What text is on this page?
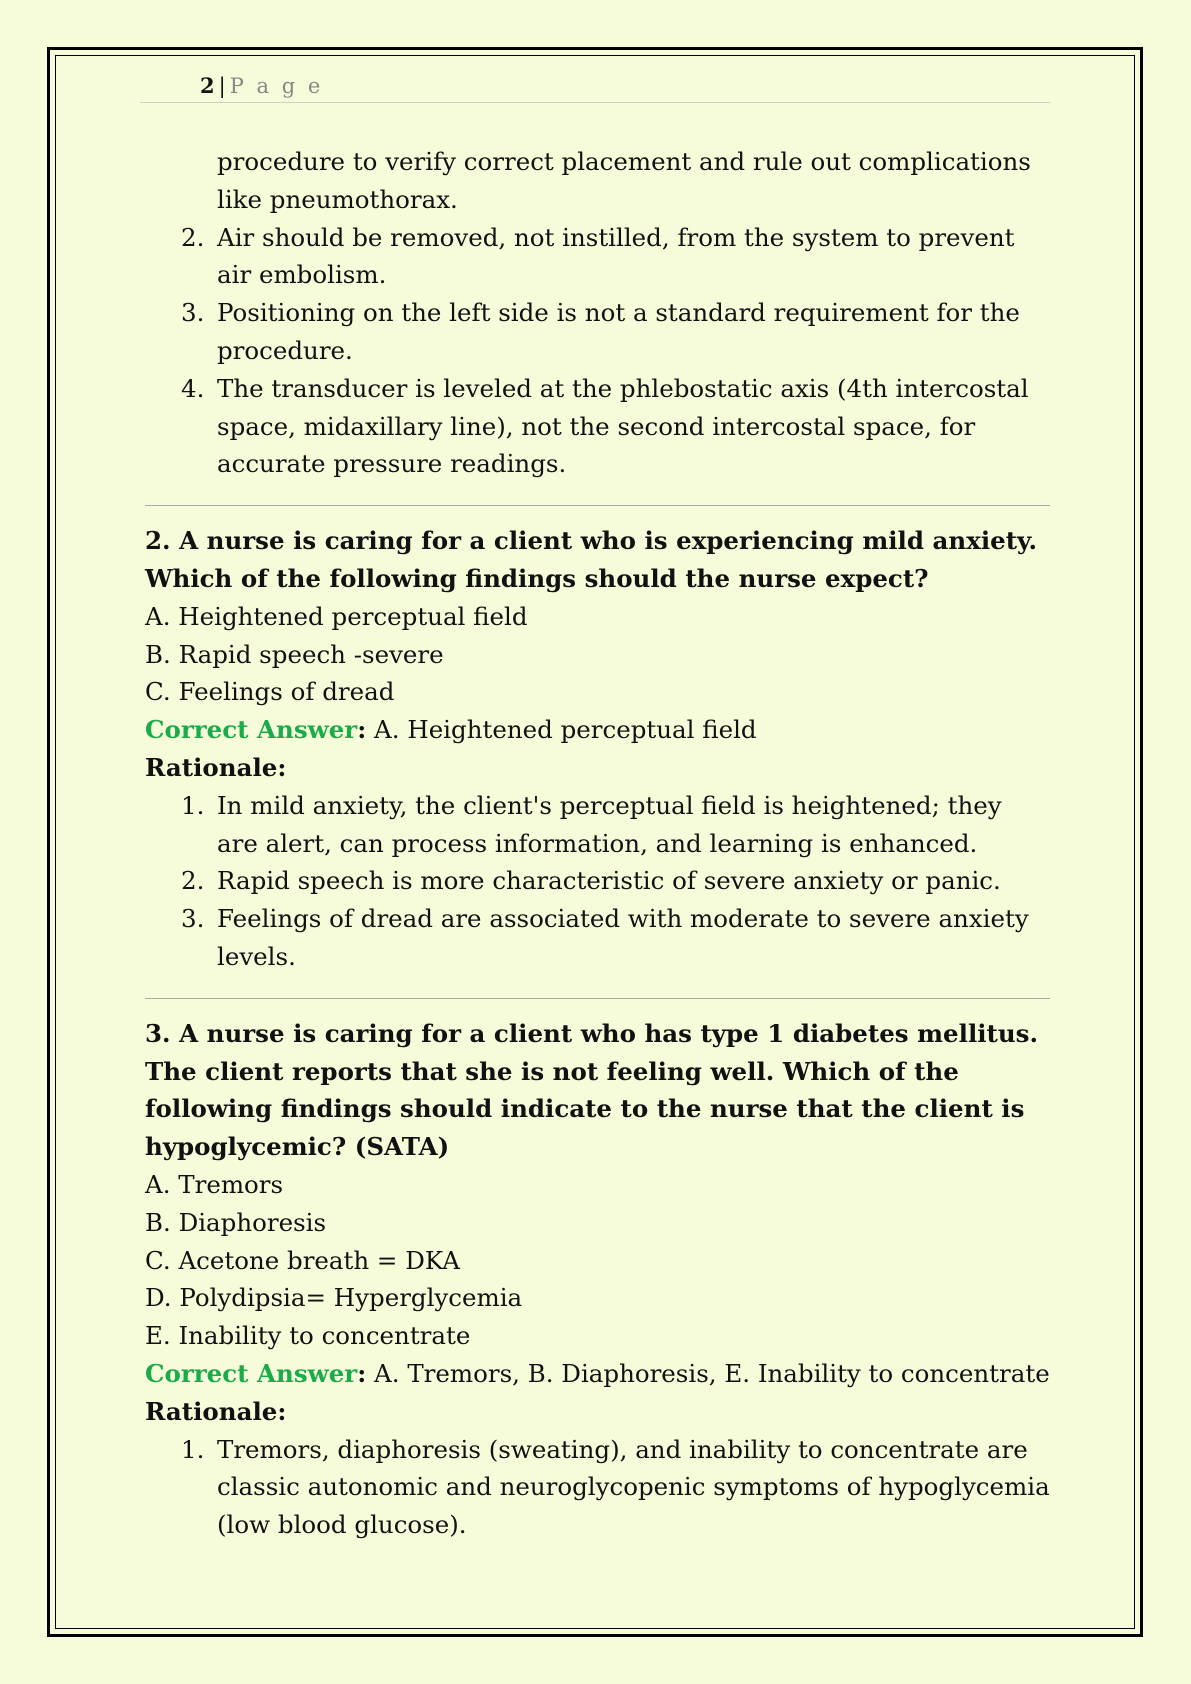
2 | P a g e
procedure to verify correct placement and rule out complications like pneumothorax.
2. Air should be removed, not instilled, from the system to prevent air embolism.
3. Positioning on the left side is not a standard requirement for the procedure.
4. The transducer is leveled at the phlebostatic axis (4th intercostal space, midaxillary line), not the second intercostal space, for accurate pressure readings.

2. A nurse is caring for a client who is experiencing mild anxiety. Which of the following findings should the nurse expect?

A. Heightened perceptual field

B. Rapid speech -severe

C. Feelings of dread

Correct Answer: A. Heightened perceptual field

Rationale:

1. In mild anxiety, the client's perceptual field is heightened; they are alert, can process information, and learning is enhanced.
2. Rapid speech is more characteristic of severe anxiety or panic.
3. Feelings of dread are associated with moderate to severe anxiety levels.

3. A nurse is caring for a client who has type 1 diabetes mellitus. The client reports that she is not feeling well. Which of the following findings should indicate to the nurse that the client is hypoglycemic? (SATA)

A. Tremors

B. Diaphoresis

C. Acetone breath = DKA

D. Polydipsia= Hyperglycemia

E. Inability to concentrate

Correct Answer: A. Tremors, B. Diaphoresis, E. Inability to concentrate

Rationale:

1. Tremors, diaphoresis (sweating), and inability to concentrate are classic autonomic and neuroglycopenic symptoms of hypoglycemia (low blood glucose).
